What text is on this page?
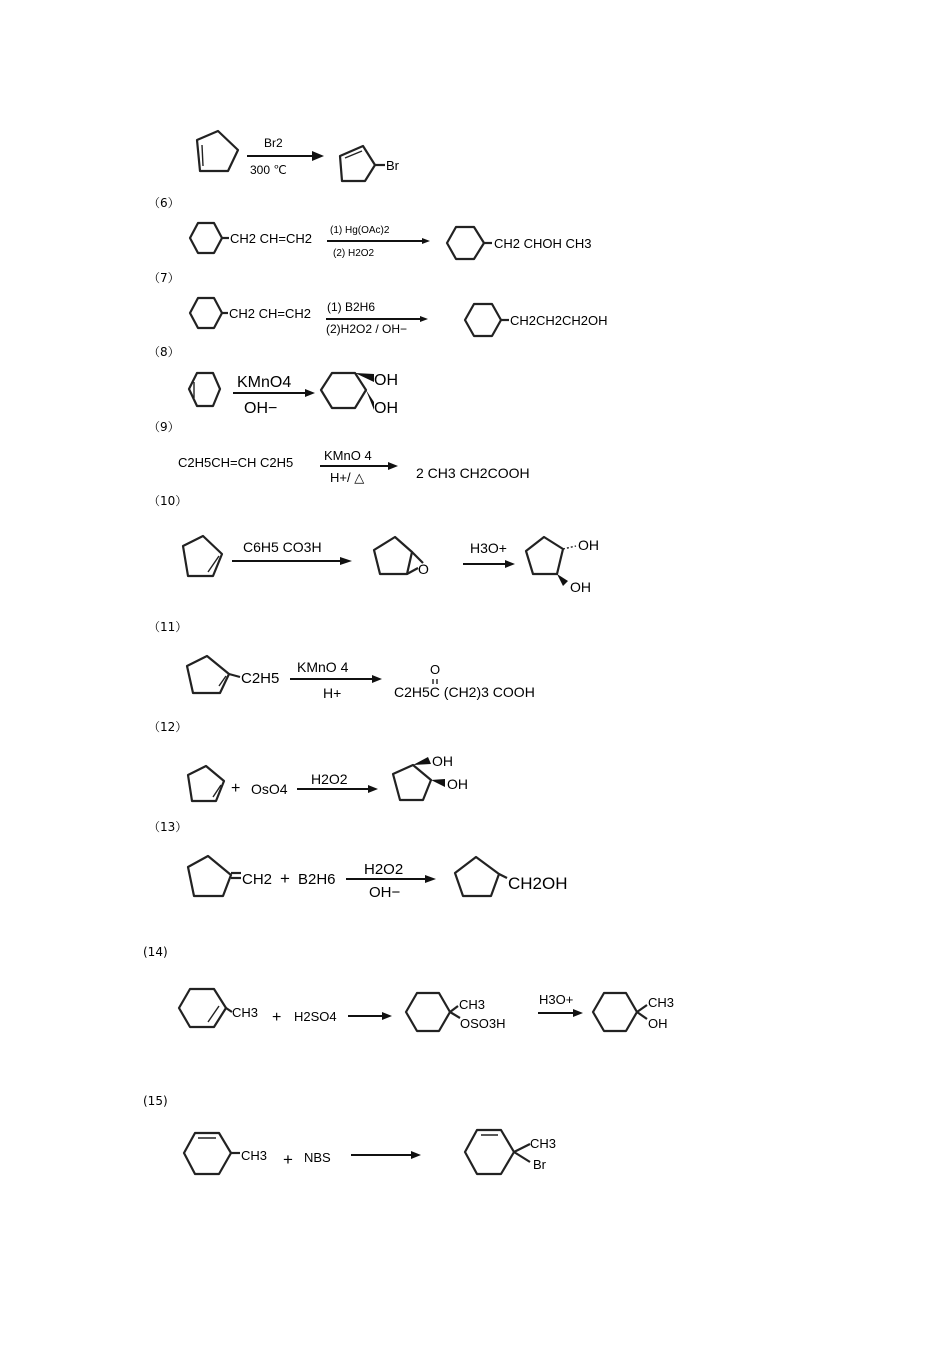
Br2
300 ℃	Br
（6）
CH2 CH=CH2
(1) Hg(OAc)2
(2) H2O2
CH2 CHOH CH3
（7）
CH2 CH=CH2 (1) B2H6
(2)H2O2 / OH−
CH2CH2CH2OH
（8）
KMnO4
OH−
OH
OH
（9）
C2H5CH=CH C2H5 KMnO 4
H+/ △	2 CH3 CH2COOH
（10）
C6H5 CO3H
O
H3O+	OH
OH
（11）
C2H5
KMnO 4
H+
O
C2H5C (CH2)3 COOH
（12）
+ OsO4
H2O2
OH
OH
（13）
CH2 + B2H6
H2O2
OH−	CH2OH
(14)
CH3 + H2SO4
CH3
OSO3H
H3O+	CH3
OH
(15)
CH3 + NBS
CH3
Br
